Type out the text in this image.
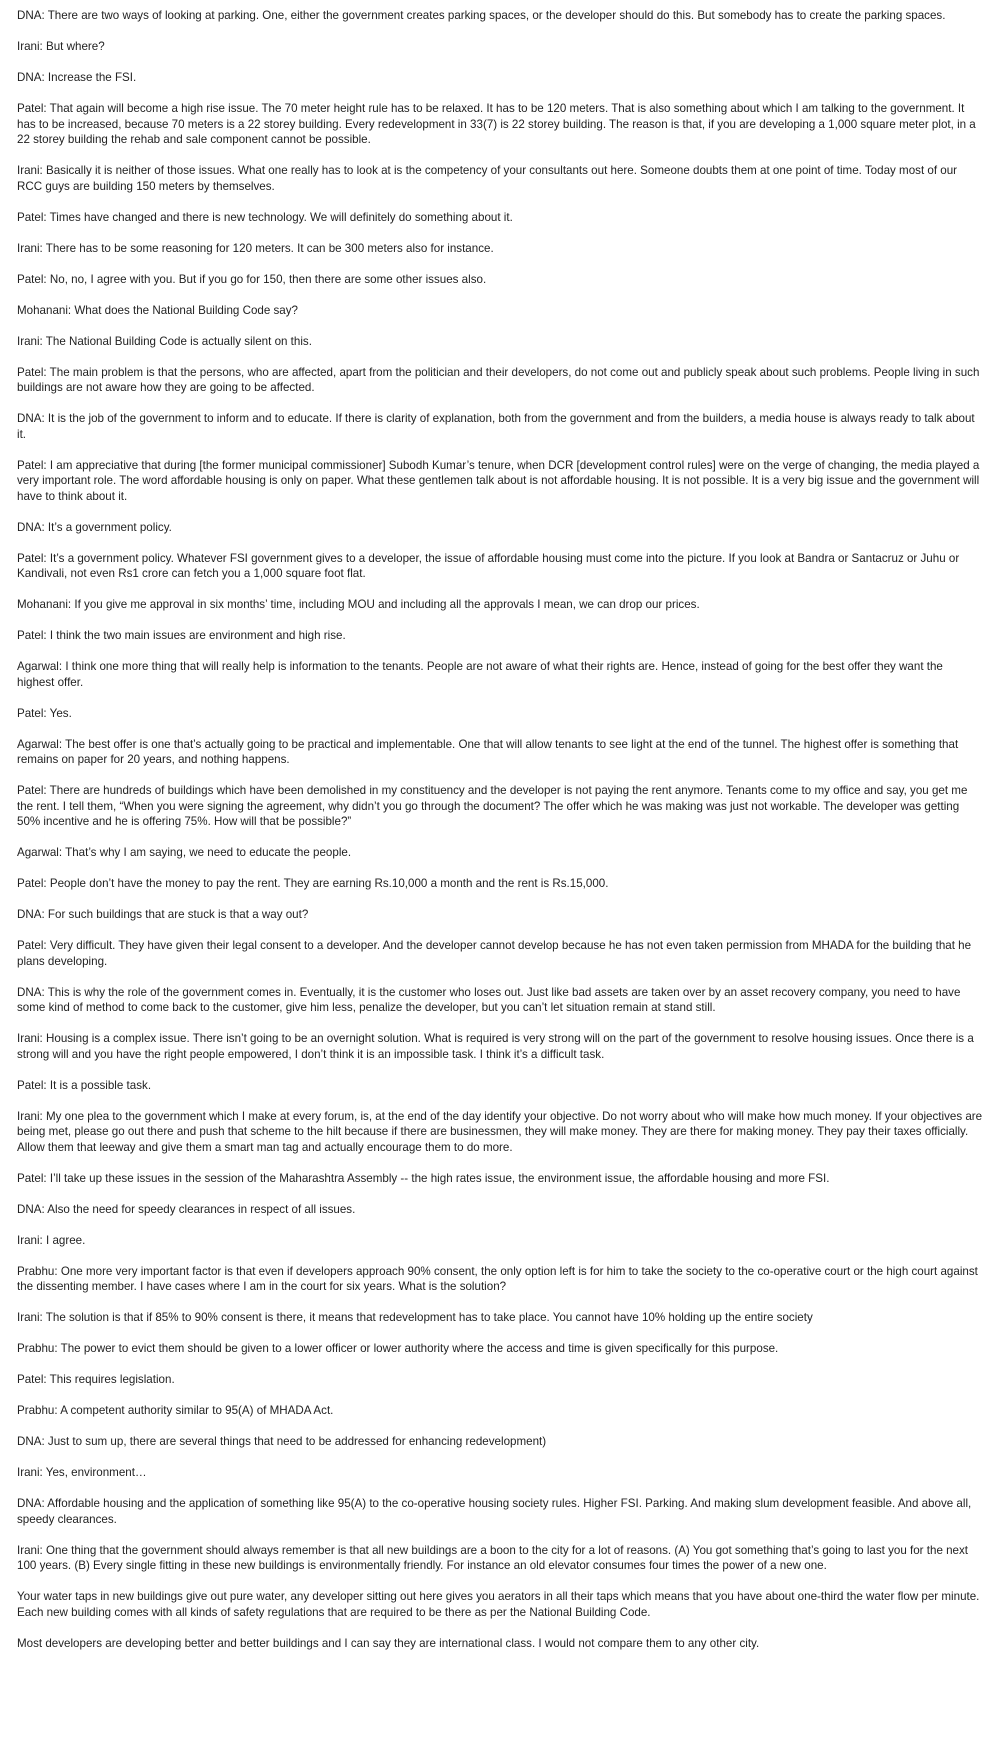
DNA: There are two ways of looking at parking. One, either the government creates parking spaces, or the developer should do this. But somebody has to create the parking spaces.

Irani: But where?

DNA: Increase the FSI.

Patel: That again will become a high rise issue. The 70 meter height rule has to be relaxed. It has to be 120 meters. That is also something about which I am talking to the government. It has to be increased, because 70 meters is a 22 storey building. Every redevelopment in 33(7) is 22 storey building. The reason is that, if you are developing a 1,000 square meter plot, in a 22 storey building the rehab and sale component cannot be possible.

Irani: Basically it is neither of those issues. What one really has to look at is the competency of your consultants out here. Someone doubts them at one point of time. Today most of our RCC guys are building 150 meters by themselves.

Patel: Times have changed and there is new technology. We will definitely do something about it.

Irani: There has to be some reasoning for 120 meters. It can be 300 meters also for instance.

Patel: No, no, I agree with you. But if you go for 150, then there are some other issues also.

Mohanani: What does the National Building Code say?

Irani: The National Building Code is actually silent on this.

Patel: The main problem is that the persons, who are affected, apart from the politician and their developers, do not come out and publicly speak about such problems. People living in such buildings are not aware how they are going to be affected.

DNA: It is the job of the government to inform and to educate. If there is clarity of explanation, both from the government and from the builders, a media house is always ready to talk about it.

Patel: I am appreciative that during [the former municipal commissioner] Subodh Kumar’s tenure, when DCR [development control rules] were on the verge of changing, the media played a very important role. The word affordable housing is only on paper. What these gentlemen talk about is not affordable housing. It is not possible. It is a very big issue and the government will have to think about it.

DNA: It’s a government policy.

Patel: It’s a government policy. Whatever FSI government gives to a developer, the issue of affordable housing must come into the picture. If you look at Bandra or Santacruz or Juhu or Kandivali, not even Rs1 crore can fetch you a 1,000 square foot flat.

Mohanani: If you give me approval in six months’ time, including MOU and including all the approvals I mean, we can drop our prices.

Patel: I think the two main issues are environment and high rise.

Agarwal: I think one more thing that will really help is information to the tenants. People are not aware of what their rights are. Hence, instead of going for the best offer they want the highest offer.

Patel: Yes.

Agarwal: The best offer is one that’s actually going to be practical and implementable. One that will allow tenants to see light at the end of the tunnel. The highest offer is something that remains on paper for 20 years, and nothing happens.

Patel: There are hundreds of buildings which have been demolished in my constituency and the developer is not paying the rent anymore. Tenants come to my office and say, you get me the rent. I tell them, “When you were signing the agreement, why didn’t you go through the document? The offer which he was making was just not workable. The developer was getting 50% incentive and he is offering 75%. How will that be possible?”

Agarwal: That’s why I am saying, we need to educate the people.

Patel: People don’t have the money to pay the rent. They are earning Rs.10,000 a month and the rent is Rs.15,000.

DNA: For such buildings that are stuck is that a way out?

Patel: Very difficult. They have given their legal consent to a developer. And the developer cannot develop because he has not even taken permission from MHADA for the building that he plans developing.

DNA: This is why the role of the government comes in. Eventually, it is the customer who loses out. Just like bad assets are taken over by an asset recovery company, you need to have some kind of method to come back to the customer, give him less, penalize the developer, but you can’t let situation remain at stand still.

Irani: Housing is a complex issue. There isn’t going to be an overnight solution. What is required is very strong will on the part of the government to resolve housing issues. Once there is a strong will and you have the right people empowered, I don’t think it is an impossible task. I think it’s a difficult task.

Patel: It is a possible task.

Irani: My one plea to the government which I make at every forum, is, at the end of the day identify your objective. Do not worry about who will make how much money. If your objectives are being met, please go out there and push that scheme to the hilt because if there are businessmen, they will make money. They are there for making money. They pay their taxes officially. Allow them that leeway and give them a smart man tag and actually encourage them to do more.

Patel: I’ll take up these issues in the session of the Maharashtra Assembly -- the high rates issue, the environment issue, the affordable housing and more FSI.

DNA: Also the need for speedy clearances in respect of all issues.

Irani: I agree.

Prabhu: One more very important factor is that even if developers approach 90% consent, the only option left is for him to take the society to the co-operative court or the high court against the dissenting member. I have cases where I am in the court for six years. What is the solution?

Irani: The solution is that if 85% to 90% consent is there, it means that redevelopment has to take place. You cannot have 10% holding up the entire society

Prabhu: The power to evict them should be given to a lower officer or lower authority where the access and time is given specifically for this purpose.

Patel: This requires legislation.

Prabhu: A competent authority similar to 95(A) of MHADA Act.

DNA: Just to sum up, there are several things that need to be addressed for enhancing redevelopment)

Irani: Yes, environment…

DNA: Affordable housing and the application of something like 95(A) to the co-operative housing society rules. Higher FSI. Parking. And making slum development feasible. And above all, speedy clearances.

Irani: One thing that the government should always remember is that all new buildings are a boon to the city for a lot of reasons. (A) You got something that’s going to last you for the next 100 years. (B) Every single fitting in these new buildings is environmentally friendly. For instance an old elevator consumes four times the power of a new one.

Your water taps in new buildings give out pure water, any developer sitting out here gives you aerators in all their taps which means that you have about one-third the water flow per minute. Each new building comes with all kinds of safety regulations that are required to be there as per the National Building Code.

Most developers are developing better and better buildings and I can say they are international class. I would not compare them to any other city.
